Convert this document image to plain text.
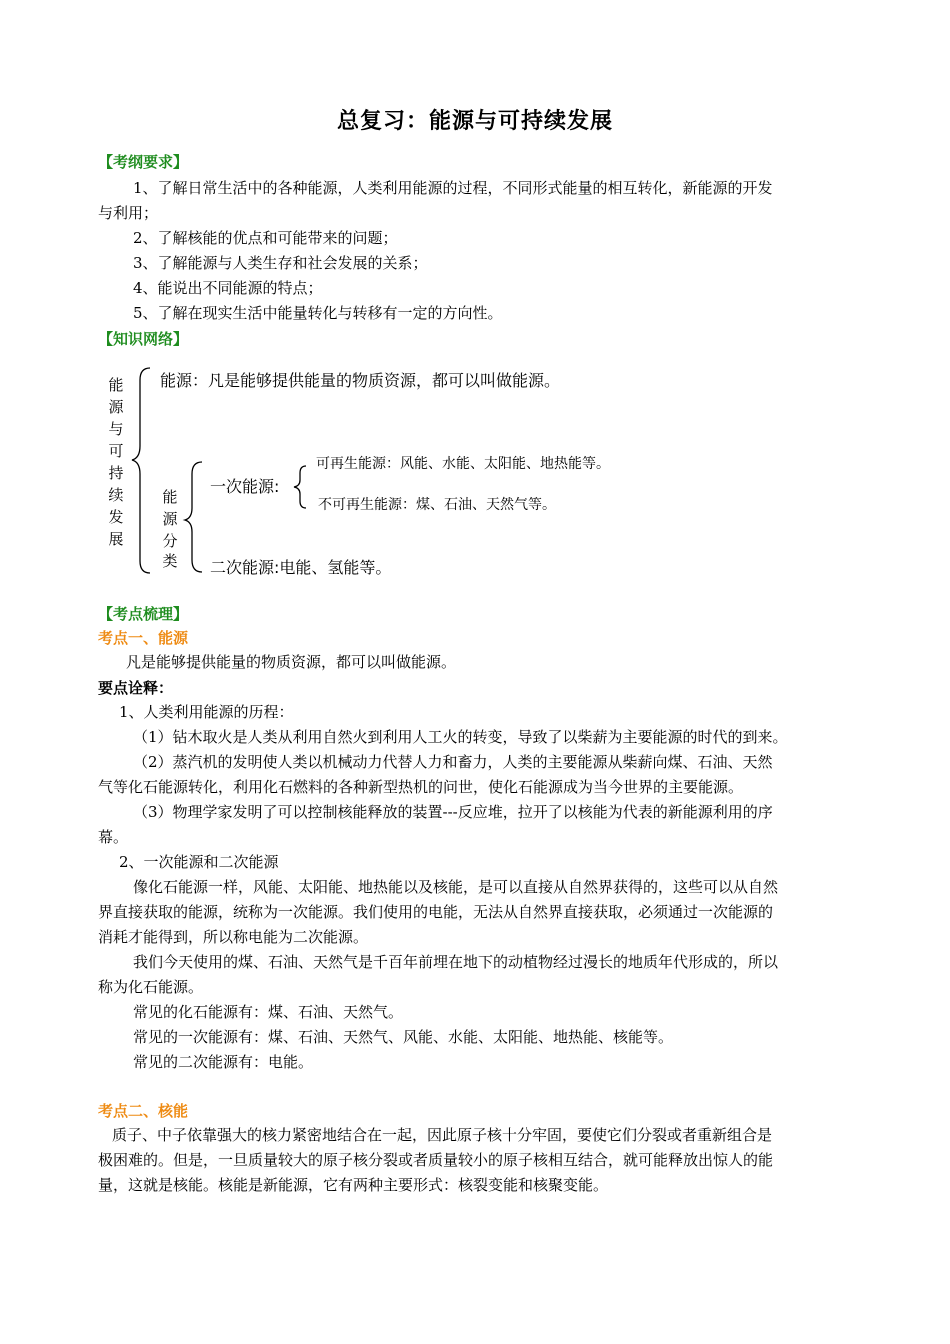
总复习：能源与可持续发展
【考纲要求】
1、了解日常生活中的各种能源，人类利用能源的过程，不同形式能量的相互转化，新能源的开发
与利用；
2、了解核能的优点和可能带来的问题；
3、了解能源与人类生存和社会发展的关系；
4、能说出不同能源的特点；
5、了解在现实生活中能量转化与转移有一定的方向性。
【知识网络】
能
源
与
可
持
续
发
展
能源：凡是能够提供能量的物质资源，都可以叫做能源。
能
源
分
类
一次能源:
可再生能源：风能、水能、太阳能、地热能等。
不可再生能源：煤、石油、天然气等。
二次能源:电能、氢能等。
【考点梳理】
考点一、能源
凡是能够提供能量的物质资源，都可以叫做能源。
要点诠释：
1、人类利用能源的历程：
（1）钻木取火是人类从利用自然火到利用人工火的转变，导致了以柴薪为主要能源的时代的到来。
（2）蒸汽机的发明使人类以机械动力代替人力和畜力，人类的主要能源从柴薪向煤、石油、天然
气等化石能源转化，利用化石燃料的各种新型热机的问世，使化石能源成为当今世界的主要能源。
（3）物理学家发明了可以控制核能释放的装置---反应堆，拉开了以核能为代表的新能源利用的序
幕。
2、一次能源和二次能源
像化石能源一样，风能、太阳能、地热能以及核能，是可以直接从自然界获得的，这些可以从自然
界直接获取的能源，统称为一次能源。我们使用的电能，无法从自然界直接获取，必须通过一次能源的
消耗才能得到，所以称电能为二次能源。
我们今天使用的煤、石油、天然气是千百年前埋在地下的动植物经过漫长的地质年代形成的，所以
称为化石能源。
常见的化石能源有：煤、石油、天然气。
常见的一次能源有：煤、石油、天然气、风能、水能、太阳能、地热能、核能等。
常见的二次能源有：电能。
考点二、核能
质子、中子依靠强大的核力紧密地结合在一起，因此原子核十分牢固，要使它们分裂或者重新组合是
极困难的。但是，一旦质量较大的原子核分裂或者质量较小的原子核相互结合，就可能释放出惊人的能
量，这就是核能。核能是新能源，它有两种主要形式：核裂变能和核聚变能。
